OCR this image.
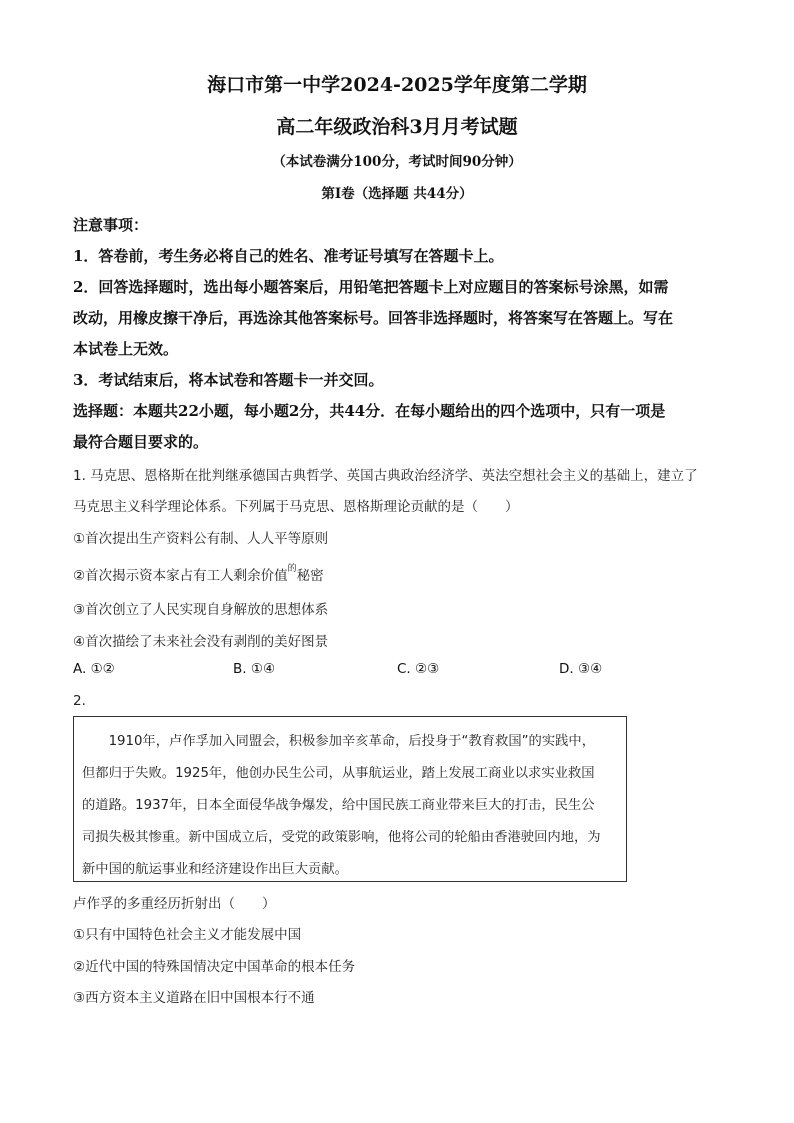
海口市第一中学2024-2025学年度第二学期
高二年级政治科3月月考试题
（本试卷满分100分，考试时间90分钟）
第Ⅰ卷（选择题 共44分）
注意事项：
1．答卷前，考生务必将自己的姓名、准考证号填写在答题卡上。
2．回答选择题时，选出每小题答案后，用铅笔把答题卡上对应题目的答案标号涂黑，如需
改动，用橡皮擦干净后，再选涂其他答案标号。回答非选择题时，将答案写在答题上。写在
本试卷上无效。
3．考试结束后，将本试卷和答题卡一并交回。
选择题：本题共22小题，每小题2分，共44分．在每小题给出的四个选项中，只有一项是
最符合题目要求的。
1. 马克思、恩格斯在批判继承德国古典哲学、英国古典政治经济学、英法空想社会主义的基础上，建立了
马克思主义科学理论体系。下列属于马克思、恩格斯理论贡献的是（　　）
①首次提出生产资料公有制、人人平等原则
②首次揭示资本家占有工人剩余价值$^的$秘密
③首次创立了人民实现自身解放的思想体系
④首次描绘了未来社会没有剥削的美好图景
A. ①②	B. ①④	C. ②③	D. ③④
2.
　　1910年，卢作孚加入同盟会，积极参加辛亥革命，后投身于“教育救国”的实践中，
但都归于失败。1925年，他创办民生公司，从事航运业，踏上发展工商业以求实业救国
的道路。1937年，日本全面侵华战争爆发，给中国民族工商业带来巨大的打击，民生公
司损失极其惨重。新中国成立后，受党的政策影响，他将公司的轮船由香港驶回内地，为
新中国的航运事业和经济建设作出巨大贡献。
卢作孚的多重经历折射出（　　）
①只有中国特色社会主义才能发展中国
②近代中国的特殊国情决定中国革命的根本任务
③西方资本主义道路在旧中国根本行不通
